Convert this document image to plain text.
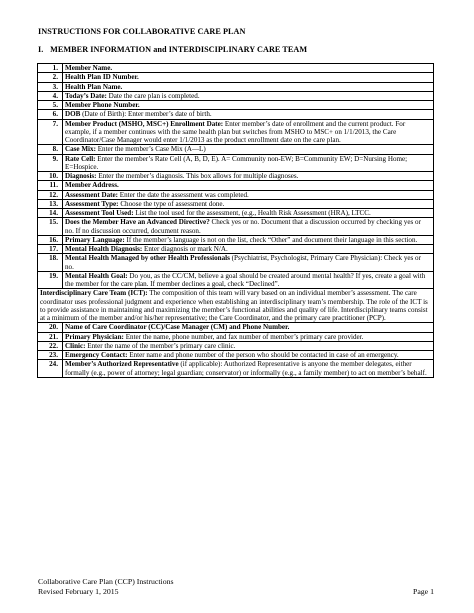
INSTRUCTIONS FOR COLLABORATIVE CARE PLAN
I. MEMBER INFORMATION and INTERDISCIPLINARY CARE TEAM
1.	Member Name.
2.	Health Plan ID Number.
3.	Health Plan Name.
4.	Today’s Date: Date the care plan is completed.
5.	Member Phone Number.
6.	DOB (Date of Birth): Enter member’s date of birth.
7.	Member Product (MSHO, MSC+) Enrollment Date: Enter member’s date of enrollment and the current product. For example, if a member continues with the same health plan but switches from MSHO to MSC+ on 1/1/2013, the Care Coordinator/Case Manager would enter 1/1/2013 as the product enrollment date on the care plan.
8.	Case Mix: Enter the member’s Case Mix (A—L)
9.	Rate Cell: Enter the member’s Rate Cell (A, B, D, E). A= Community non-EW; B=Community EW; D=Nursing Home; E=Hospice.
10.	Diagnosis: Enter the member’s diagnosis. This box allows for multiple diagnoses.
11.	Member Address.
12.	Assessment Date: Enter the date the assessment was completed.
13.	Assessment Type: Choose the type of assessment done.
14.	Assessment Tool Used: List the tool used for the assessment, (e.g., Health Risk Assessment (HRA), LTCC.
15.	Does the Member Have an Advanced Directive? Check yes or no. Document that a discussion occurred by checking yes or no. If no discussion occurred, document reason.
16.	Primary Language: If the member’s language is not on the list, check “Other” and document their language in this section.
17.	Mental Health Diagnosis: Enter diagnosis or mark N/A.
18.	Mental Health Managed by other Health Professionals (Psychiatrist, Psychologist, Primary Care Physician): Check yes or no.
19.	Mental Health Goal: Do you, as the CC/CM, believe a goal should be created around mental health? If yes, create a goal with the member for the care plan. If member declines a goal, check “Declined”.
Interdisciplinary Care Team (ICT): The composition of this team will vary based on an individual member’s assessment. The care coordinator uses professional judgment and experience when establishing an interdisciplinary team’s membership. The role of the ICT is to provide assistance in maintaining and maximizing the member’s functional abilities and quality of life. Interdisciplinary teams consist at a minimum of the member and/or his/her representative; the Care Coordinator, and the primary care practitioner (PCP).	
20.	Name of Care Coordinator (CC)/Case Manager (CM) and Phone Number.
21.	Primary Physician: Enter the name, phone number, and fax number of member’s primary care provider.
22.	Clinic: Enter the name of the member’s primary care clinic.
23.	Emergency Contact: Enter name and phone number of the person who should be contacted in case of an emergency.
24.	Member’s Authorized Representative (if applicable): Authorized Representative is anyone the member delegates, either formally (e.g., power of attorney; legal guardian; conservator) or informally (e.g., a family member) to act on member’s behalf.
Collaborative Care Plan (CCP) Instructions
Revised February 1, 2015	Page 1
